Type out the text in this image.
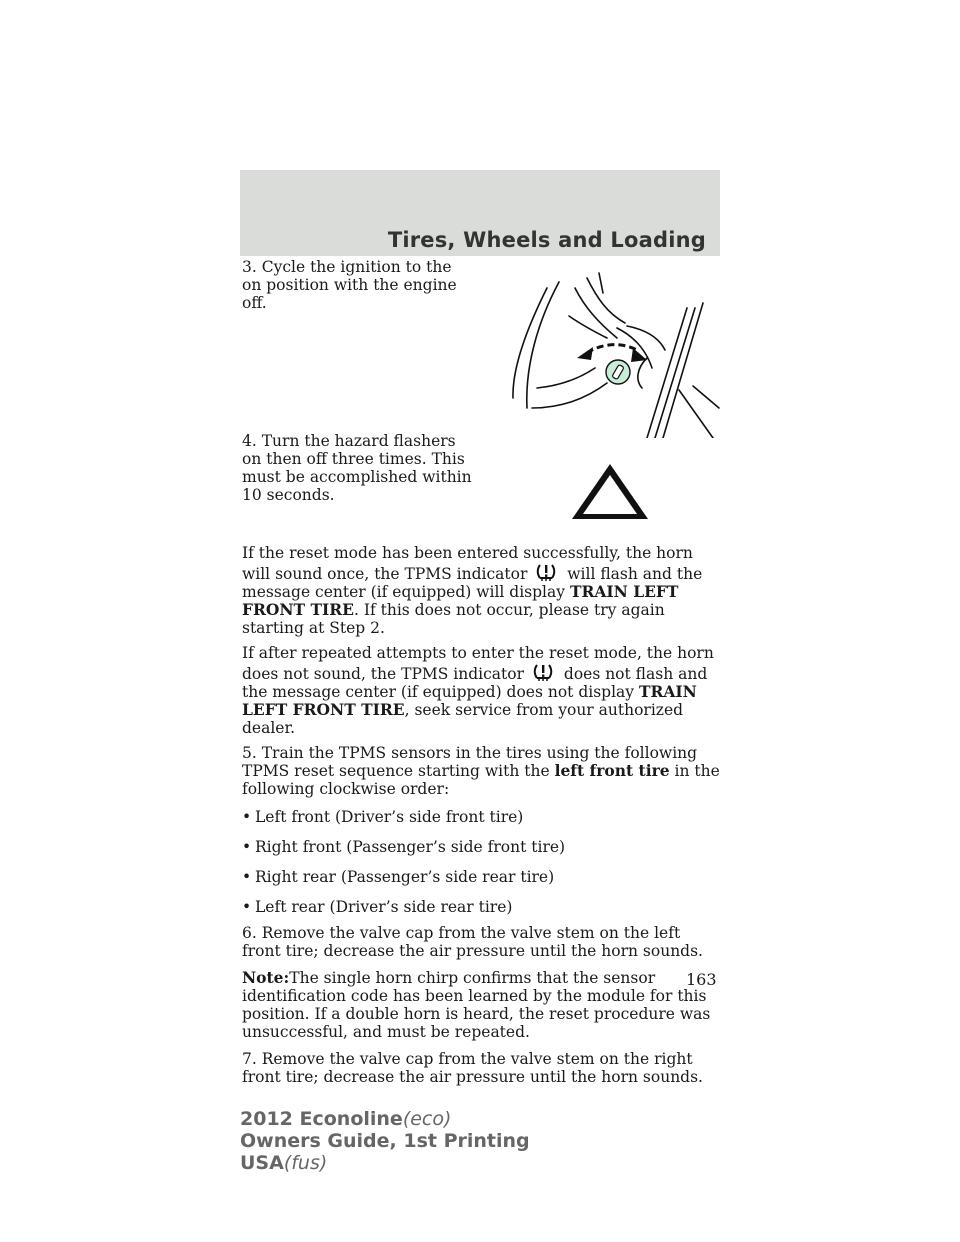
Tires, Wheels and Loading

3. Cycle the ignition to the on position with the engine off.

4. Turn the hazard flashers on then off three times. This must be accomplished within 10 seconds.

If the reset mode has been entered successfully, the horn will sound once, the TPMS indicator	will flash and the message center (if equipped) will display TRAIN LEFT FRONT TIRE. If this does not occur, please try again starting at Step 2.

If after repeated attempts to enter the reset mode, the horn does not sound, the TPMS indicator	does not flash and the message center (if equipped) does not display TRAIN LEFT FRONT TIRE, seek service from your authorized dealer.

5. Train the TPMS sensors in the tires using the following TPMS reset sequence starting with the left front tire in the following clockwise order:

• Left front (Driver’s side front tire)
• Right front (Passenger’s side front tire)
• Right rear (Passenger’s side rear tire)
• Left rear (Driver’s side rear tire)

6. Remove the valve cap from the valve stem on the left front tire; decrease the air pressure until the horn sounds.

Note:The single horn chirp confirms that the sensor identification code has been learned by the module for this position. If a double horn is heard, the reset procedure was unsuccessful, and must be repeated.

7. Remove the valve cap from the valve stem on the right front tire; decrease the air pressure until the horn sounds.

163
2012 Econoline(eco)
Owners Guide, 1st Printing
USA(fus)
